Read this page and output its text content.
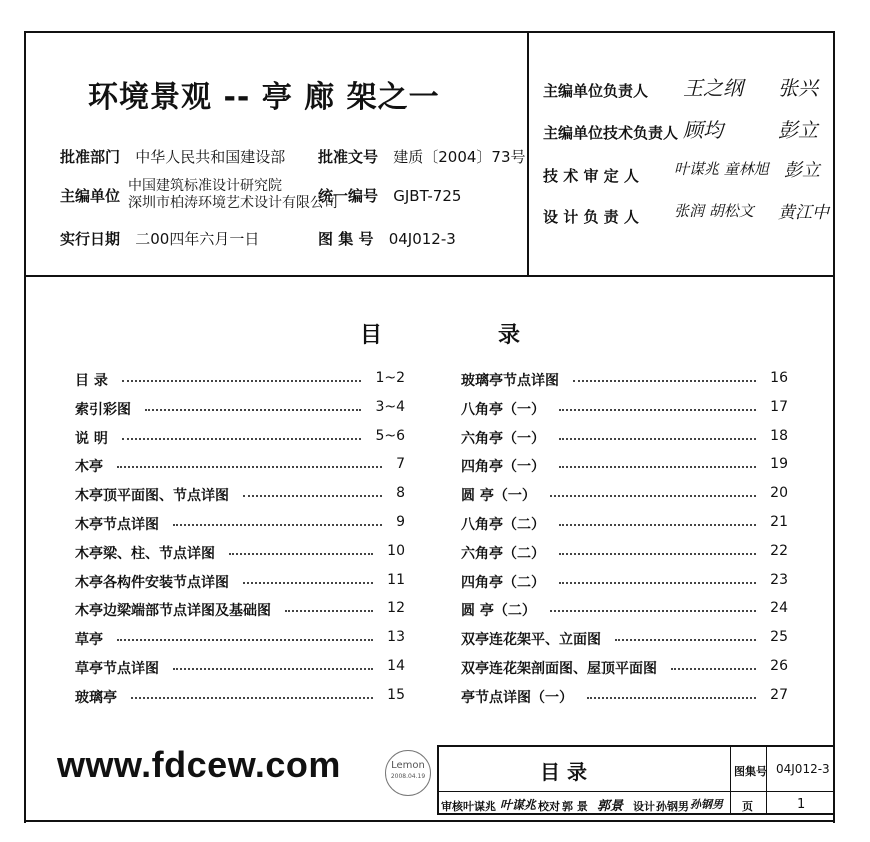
环境景观 -- 亭 廊 架之一
批准部门 中华人民共和国建设部 批准文号 建质〔2004〕73号
主编单位
中国建筑标准设计研究院
深圳市柏涛环境艺术设计有限公司
统一编号 GJBT-725
实行日期 二00四年六月一日	图 集 号 04J012-3
主编单位负责人 王之纲 张兴
主编单位技术负责人 顾均	彭立
技 术 审 定 人 叶谋兆 童林旭 彭立
设 计 负 责 人 张润 胡松文 黄江中
目	录
目 录	1~2
索引彩图	3~4
说 明	5~6
木亭	7
木亭顶平面图、节点详图	8
木亭节点详图	9
木亭梁、柱、节点详图	10
木亭各构件安装节点详图	11
木亭边梁端部节点详图及基础图	12
草亭	13
草亭节点详图	14
玻璃亭	15
玻璃亭节点详图	16
八角亭（一）	17
六角亭（一）	18
四角亭（一）	19
圆 亭（一）	20
八角亭（二）	21
六角亭（二）	22
四角亭（二）	23
圆 亭（二）	24
双亭连花架平、立面图	25
双亭连花架剖面图、屋顶平面图	26
亭节点详图（一）	27
www.fdcew.com	Lemon
2008.04.19	目 录	图集号 04J012-3
审核 叶谋兆 叶谋兆 校对 郭 景 郭景 设计 孙钢男 孙钢男 页	1
